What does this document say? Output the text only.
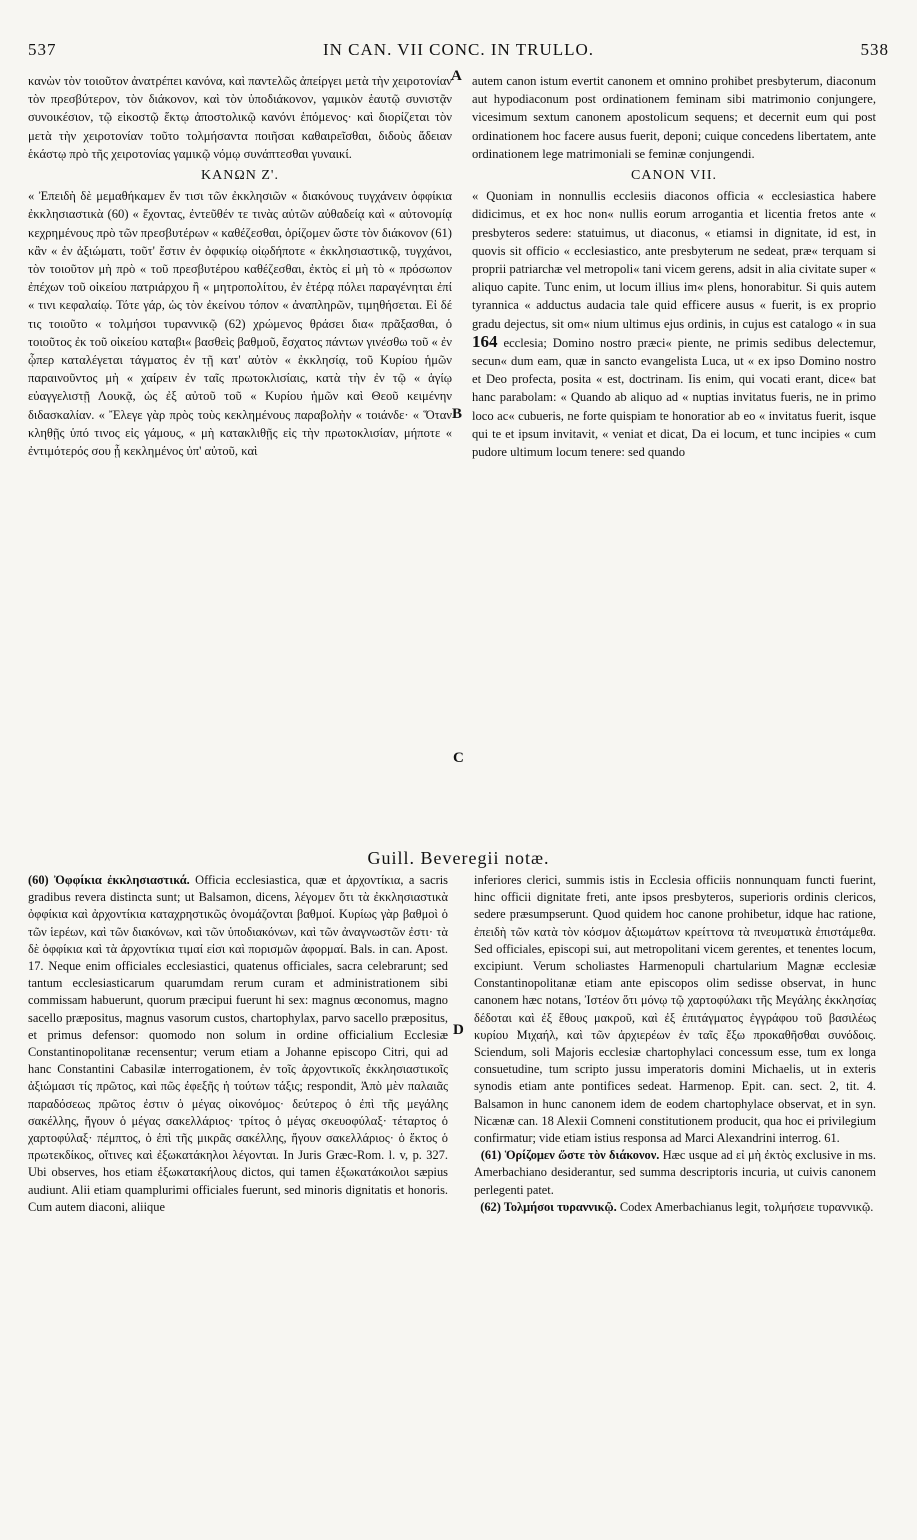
537	IN CAN. VII CONC. IN TRULLO.	538
A
B
C
D

κανὼν τὸν τοιοῦτον ἀνατρέπει κανόνα, καὶ παντελῶς ἀπείργει μετὰ τὴν χειροτονίαν τὸν πρεσβύτερον, τὸν διάκονον, καὶ τὸν ὑποδιάκονον, γαμικὸν ἑαυτῷ συνιστᾷν συνοικέσιον, τῷ εἰκοστῷ ἕκτῳ ἀποστολικῷ κανόνι ἑπόμενος· καὶ διορίζεται τὸν μετὰ τὴν χειροτονίαν τοῦτο τολμήσαντα ποιῆσαι καθαιρεῖσθαι, διδοὺς ἄδειαν ἑκάστῳ πρὸ τῆς χειροτονίας γαμικῷ νόμῳ συνάπτεσθαι γυναικί.

ΚΑΝΩΝ Ζ'.

« Ἐπειδὴ δὲ μεμαθήκαμεν ἔν τισι τῶν ἐκκλησιῶν « διακόνους τυγχάνειν ὀφφίκια ἐκκλησιαστικὰ (60) « ἔχοντας, ἐντεῦθέν τε τινὰς αὐτῶν αὐθαδείᾳ καὶ « αὐτονομίᾳ κεχρημένους πρὸ τῶν πρεσβυτέρων « καθέζεσθαι, ὁρίζομεν ὥστε τὸν διάκονον (61) κἂν « ἐν ἀξιώματι, τοῦτ' ἔστιν ἐν ὀφφικίῳ οἱῳδήποτε « ἐκκλησιαστικῷ, τυγχάνοι, τὸν τοιοῦτον μὴ πρὸ « τοῦ πρεσβυτέρου καθέζεσθαι, ἐκτὸς εἰ μὴ τὸ « πρόσωπον ἐπέχων τοῦ οἰκείου πατριάρχου ἢ « μητροπολίτου, ἐν ἑτέρᾳ πόλει παραγένηται ἐπί « τινι κεφαλαίῳ. Τότε γάρ, ὡς τὸν ἐκείνου τόπον « ἀναπληρῶν, τιμηθήσεται. Εἰ δέ τις τοιοῦτο « τολμήσοι τυραννικῷ (62) χρώμενος θράσει δια« πρᾶξασθαι, ὁ τοιοῦτος ἐκ τοῦ οἰκείου καταβι« βασθεὶς βαθμοῦ, ἔσχατος πάντων γινέσθω τοῦ « ἐν ᾧπερ καταλέγεται τάγματος ἐν τῇ κατ' αὐτὸν « ἐκκλησίᾳ, τοῦ Κυρίου ἡμῶν παραινοῦντος μὴ « χαίρειν ἐν ταῖς πρωτοκλισίαις, κατὰ τὴν ἐν τῷ « ἁγίῳ εὐαγγελιστῇ Λουκᾷ, ὡς ἐξ αὐτοῦ τοῦ « Κυρίου ἡμῶν καὶ Θεοῦ κειμένην διδασκαλίαν. « Ἔλεγε γὰρ πρὸς τοὺς κεκλημένους παραβολὴν « τοιάνδε· « Ὅταν κληθῇς ὑπό τινος εἰς γάμους, « μὴ κατακλιθῇς εἰς τὴν πρωτοκλισίαν, μήποτε « ἐντιμότερός σου ᾖ κεκλημένος ὑπ' αὐτοῦ, καὶ

autem canon istum evertit canonem et omnino prohibet presbyterum, diaconum aut hypodiaconum post ordinationem feminam sibi matrimonio conjungere, vicesimum sextum canonem apostolicum sequens; et decernit eum qui post ordinationem hoc facere ausus fuerit, deponi; cuique concedens libertatem, ante ordinationem lege matrimoniali se feminæ conjungendi.

CANON VII.

« Quoniam in nonnullis ecclesiis diaconos officia « ecclesiastica habere didicimus, et ex hoc non« nullis eorum arrogantia et licentia fretos ante « presbyteros sedere: statuimus, ut diaconus, « etiamsi in dignitate, id est, in quovis sit officio « ecclesiastico, ante presbyterum ne sedeat, præ« terquam si proprii patriarchæ vel metropoli« tani vicem gerens, adsit in alia civitate super « aliquo capite. Tunc enim, ut locum illius im« plens, honorabitur. Si quis autem tyrannica « adductus audacia tale quid efficere ausus « fuerit, is ex proprio gradu dejectus, sit om« nium ultimus ejus ordinis, in cujus est catalogo « in sua 164 ecclesia; Domino nostro præci« piente, ne primis sedibus delectemur, secun« dum eam, quæ in sancto evangelista Luca, ut « ex ipso Domino nostro et Deo profecta, posita « est, doctrinam. Iis enim, qui vocati erant, dice« bat hanc parabolam: « Quando ab aliquo ad « nuptias invitatus fueris, ne in primo loco ac« cubueris, ne forte quispiam te honoratior ab eo « invitatus fuerit, isque qui te et ipsum invitavit, « veniat et dicat, Da ei locum, et tunc incipies « cum pudore ultimum locum tenere: sed quando

Guill. Beveregii notæ.

(60) Ὀφφίκια ἐκκλησιαστικά. Officia ecclesiastica, quæ et ἀρχοντίκια, a sacris gradibus revera distincta sunt; ut Balsamon, dicens, λέγομεν ὅτι τὰ ἐκκλησιαστικὰ ὀφφίκια καὶ ἀρχοντίκια καταχρηστικῶς ὀνομάζονται βαθμοί. Κυρίως γὰρ βαθμοὶ ὁ τῶν ἱερέων, καὶ τῶν διακόνων, καὶ τῶν ὑποδιακόνων, καὶ τῶν ἀναγνωστῶν ἐστι· τὰ δὲ ὀφφίκια καὶ τὰ ἀρχοντίκια τιμαί εἰσι καὶ πορισμῶν ἀφορμαί. Bals. in can. Apost. 17. Neque enim officiales ecclesiastici, quatenus officiales, sacra celebrarunt; sed tantum ecclesiasticarum quarumdam rerum curam et administrationem sibi commissam habuerunt, quorum præcipui fuerunt hi sex: magnus œconomus, magno sacello præpositus, magnus vasorum custos, chartophylax, parvo sacello præpositus, et primus defensor: quomodo non solum in ordine officialium Ecclesiæ Constantinopolitanæ recensentur; verum etiam a Johanne episcopo Citri, qui ad hanc Constantini Cabasilæ interrogationem, ἐν τοῖς ἀρχοντικοῖς ἐκκλησιαστικοῖς ἀξιώμασι τίς πρῶτος, καὶ πῶς ἐφεξῆς ἡ τούτων τάξις; respondit, Ἀπὸ μὲν παλαιᾶς παραδόσεως πρῶτος ἐστιν ὁ μέγας οἰκονόμος· δεύτερος ὁ ἐπὶ τῆς μεγάλης σακέλλης, ἤγουν ὁ μέγας σακελλάριος· τρίτος ὁ μέγας σκευοφύλαξ· τέταρτος ὁ χαρτοφύλαξ· πέμπτος, ὁ ἐπὶ τῆς μικρᾶς σακέλλης, ἤγουν σακελλάριος· ὁ ἕκτος ὁ πρωτεκδίκος, οἵτινες καὶ ἐξωκατάκηλοι λέγονται. In Juris Græc-Rom. l. v, p. 327. Ubi observes, hos etiam ἐξωκατακήλους dictos, qui tamen ἐξωκατάκοιλοι sæpius audiunt. Alii etiam quamplurimi officiales fuerunt, sed minoris dignitatis et honoris. Cum autem diaconi, aliique

inferiores clerici, summis istis in Ecclesia officiis nonnunquam functi fuerint, hinc officii dignitate freti, ante ipsos presbyteros, superioris ordinis clericos, sedere præsumpserunt. Quod quidem hoc canone prohibetur, idque hac ratione, ἐπειδὴ τῶν κατὰ τὸν κόσμον ἀξιωμάτων κρείττονα τὰ πνευματικὰ ἐπιστάμεθα. Sed officiales, episcopi sui, aut metropolitani vicem gerentes, et tenentes locum, excipiunt. Verum scholiastes Harmenopuli chartularium Magnæ ecclesiæ Constantinopolitanæ etiam ante episcopos olim sedisse observat, in hunc canonem hæc notans, Ἰστέον ὅτι μόνῳ τῷ χαρτοφύλακι τῆς Μεγάλης ἐκκλησίας δέδοται καὶ ἐξ ἔθους μακροῦ, καὶ ἐξ ἐπιτάγματος ἐγγράφου τοῦ βασιλέως κυρίου Μιχαήλ, καὶ τῶν ἀρχιερέων ἐν ταῖς ἔξω προκαθῆσθαι συνόδοις. Sciendum, soli Majoris ecclesiæ chartophylaci concessum esse, tum ex longa consuetudine, tum scripto jussu imperatoris domini Michaelis, ut in exteris synodis etiam ante pontifices sedeat. Harmenop. Epit. can. sect. 2, tit. 4. Balsamon in hunc canonem idem de eodem chartophylace observat, et in syn. Nicænæ can. 18 Alexii Comneni constitutionem producit, qua hoc ei privilegium confirmatur; vide etiam istius responsa ad Marci Alexandrini interrog. 61.

(61) Ὁρίζομεν ὥστε τὸν διάκονον. Hæc usque ad εἰ μὴ ἐκτὸς exclusive in ms. Amerbachiano desiderantur, sed summa descriptoris incuria, ut cuivis canonem perlegenti patet.

(62) Τολμήσοι τυραννικῷ. Codex Amerbachianus legit, τολμήσειε τυραννικῷ.
